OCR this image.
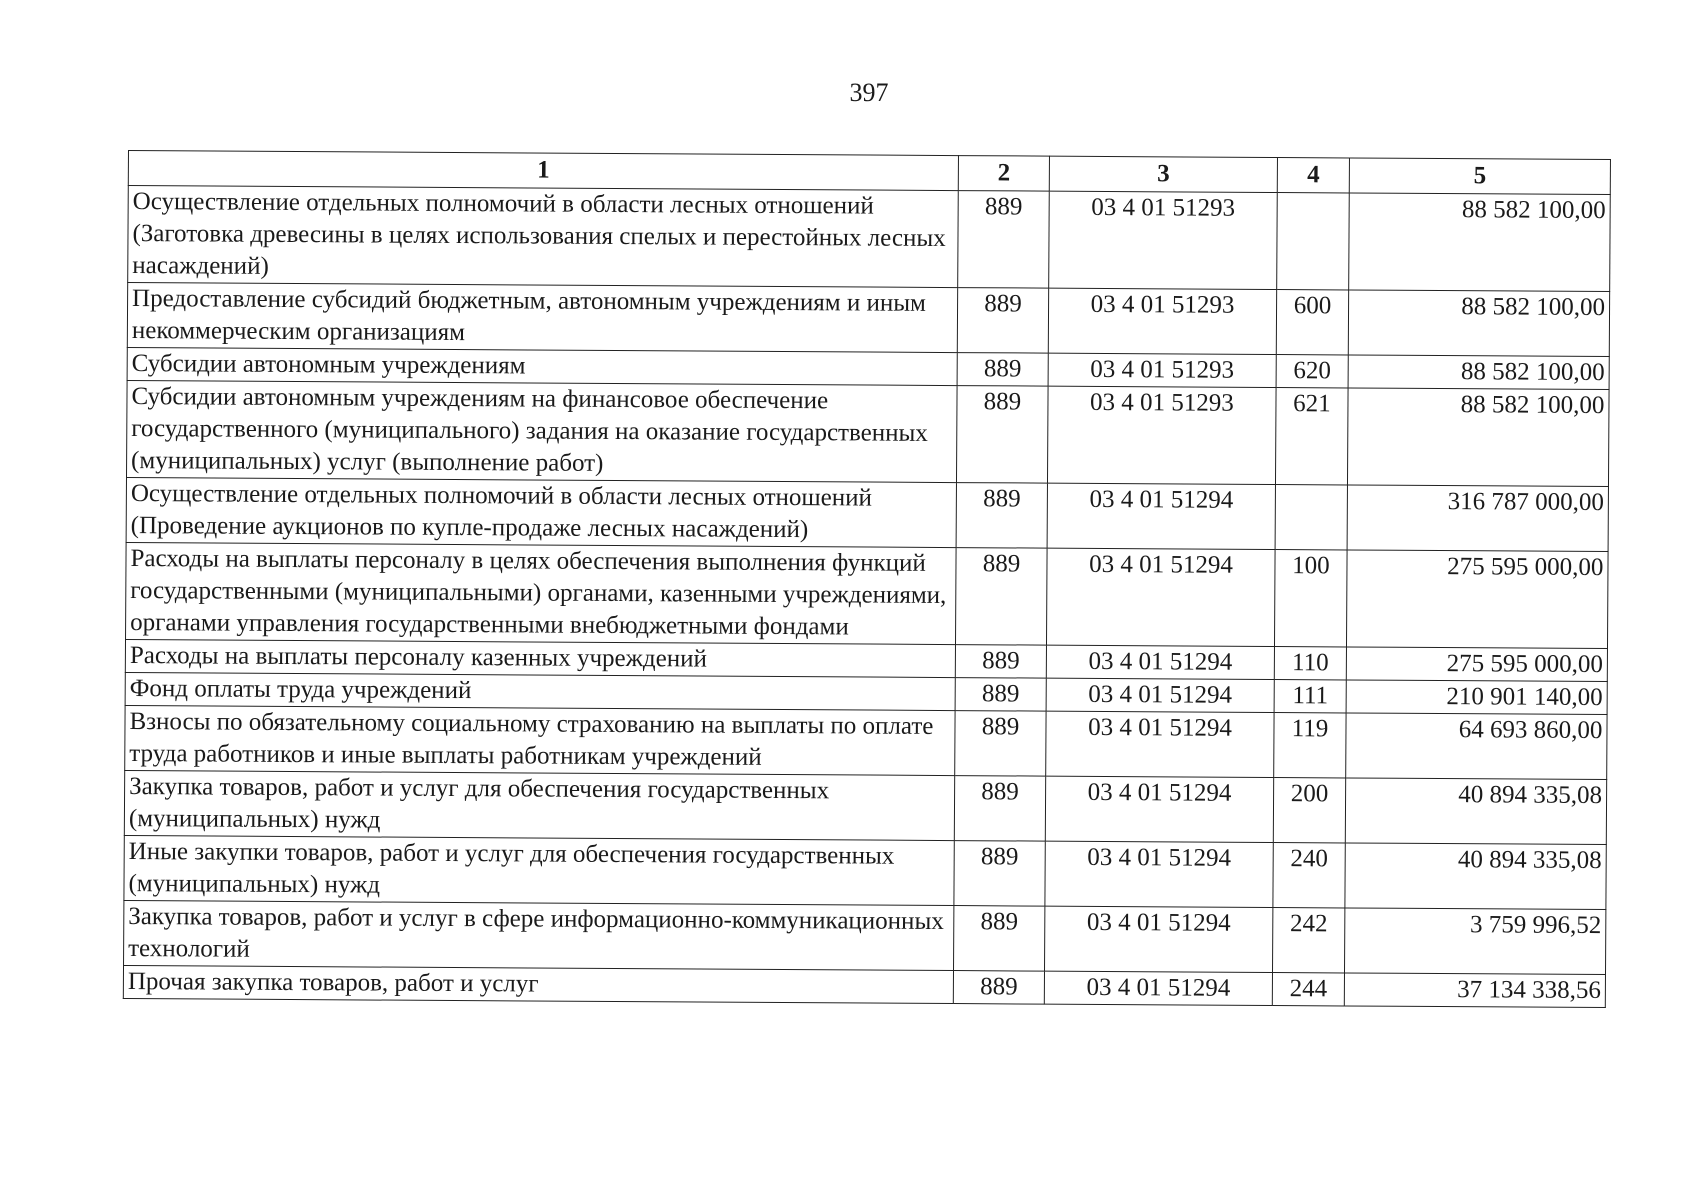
397
1	2	3	4	5
Осуществление отдельных полномочий в области лесных отношений (Заготовка древесины в целях использования спелых и перестойных лесных насаждений)	889	03 4 01 51293		88 582 100,00
Предоставление субсидий бюджетным, автономным учреждениям и иным некоммерческим организациям	889	03 4 01 51293	600	88 582 100,00
Субсидии автономным учреждениям	889	03 4 01 51293	620	88 582 100,00
Субсидии автономным учреждениям на финансовое обеспечение государственного (муниципального) задания на оказание государственных (муниципальных) услуг (выполнение работ)	889	03 4 01 51293	621	88 582 100,00
Осуществление отдельных полномочий в области лесных отношений (Проведение аукционов по купле-продаже лесных насаждений)	889	03 4 01 51294		316 787 000,00
Расходы на выплаты персоналу в целях обеспечения выполнения функций государственными (муниципальными) органами, казенными учреждениями, органами управления государственными внебюджетными фондами	889	03 4 01 51294	100	275 595 000,00
Расходы на выплаты персоналу казенных учреждений	889	03 4 01 51294	110	275 595 000,00
Фонд оплаты труда учреждений	889	03 4 01 51294	111	210 901 140,00
Взносы по обязательному социальному страхованию на выплаты по оплате труда работников и иные выплаты работникам учреждений	889	03 4 01 51294	119	64 693 860,00
Закупка товаров, работ и услуг для обеспечения государственных (муниципальных) нужд	889	03 4 01 51294	200	40 894 335,08
Иные закупки товаров, работ и услуг для обеспечения государственных (муниципальных) нужд	889	03 4 01 51294	240	40 894 335,08
Закупка товаров, работ и услуг в сфере информационно-коммуникационных технологий	889	03 4 01 51294	242	3 759 996,52
Прочая закупка товаров, работ и услуг	889	03 4 01 51294	244	37 134 338,56
